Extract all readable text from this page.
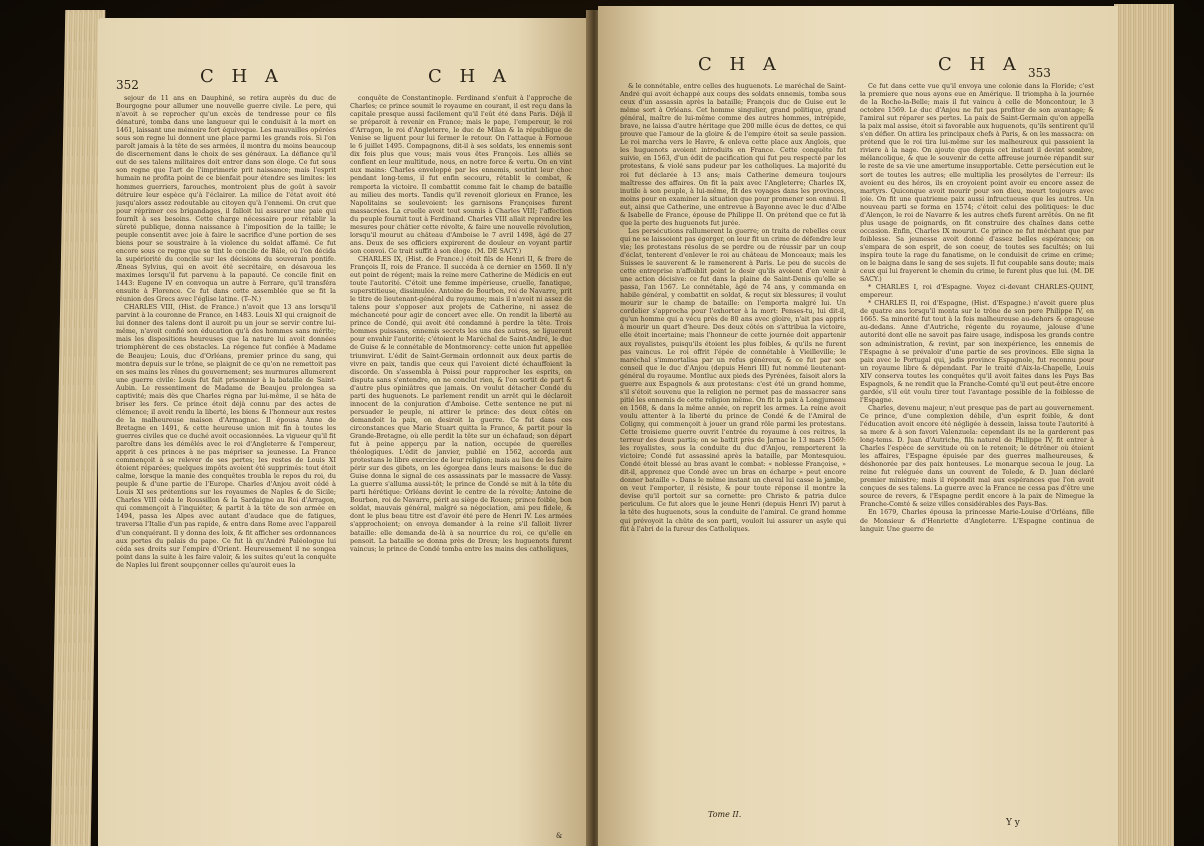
352	C H A	C H A

sejour de 11 ans en Dauphiné, se retira auprès du duc de Bourgogne pour allumer une nouvelle guerre civile. Le pere, qui n'avoit à se reprocher qu'un excès de tendresse pour ce fils dénaturé, tomba dans une langueur qui le conduisit à la mort en 1461, laissant une mémoire fort équivoque. Les mauvailles opérées sous son regne lui donnent une place parmi les grands rois. Si l'on paroît jamais à la tête de ses armées, il montra du moins beaucoup de discernement dans le choix de ses généraux. La défiance qu'il eut de ses talens militaires doit entrer dans son éloge. Ce fut sous son regne que l'art de l'imprimerie prit naissance; mais l'esprit humain ne profita point de ce bienfait pour étendre ses limites: les hommes guerriers, farouches, montroient plus de goût à savoir détruire leur espèce qu'à l'éclairer. La milice de l'état avoit été jusqu'alors assez redoutable au citoyen qu'à l'ennemi. On crut que pour réprimer ces brigandages, il falloit lui assurer une paie qui fournît à ses besoins. Cette charge nécessaire pour rétablir la sûreté publique, donna naissance à l'imposition de la taille; le peuple consentit avec joie à faire le sacrifice d'une portion de ses biens pour se soustraire à la violence du soldat affamé. Ce fut encore sous ce regne que se tint le concile de Bâle, où l'on décida la supériorité du concile sur les décisions du souverain pontife. Æneas Sylvius, qui en avoit été secrétaire, en désavoua les maximes lorsqu'il fut parvenu à la papauté. Ce concile finit en 1443: Eugene IV en convoqua un autre à Ferrare, qu'il transféra ensuite à Florence. Ce fut dans cette assemblée que se fit la réunion des Grecs avec l'église latine. (T--N.)

CHARLES VIII, (Hist. de France.) n'avoit que 13 ans lorsqu'il parvint à la couronne de France, en 1483. Louis XI qui craignoit de lui donner des talens dont il auroit pu un jour se servir contre lui-même, n'avoit confié son éducation qu'à des hommes sans mérite; mais les dispositions heureuses que la nature lui avoit données triomphèrent de ces obstacles. La régence fut confiée à Madame de Beaujeu; Louis, duc d'Orléans, premier prince du sang, qui montra depuis sur le trône, se plaignit de ce qu'on ne remettoit pas en ses mains les rênes du gouvernement; ses murmures allumerent une guerre civile: Louis fut fait prisonnier à la bataille de Saint-Aubin. Le ressentiment de Madame de Beaujeu prolongea sa captivité; mais dès que Charles régna par lui-même, il se hâta de briser les fers. Ce prince étoit déjà connu par des actes de clémence; il avoit rendu la liberté, les biens & l'honneur aux restes de la malheureuse maison d'Armagnac. Il épousa Anne de Bretagne en 1491, & cette heureuse union mit fin à toutes les guerres civiles que ce duché avoit occasionnées. La vigueur qu'il fit paroître dans les démêlés avec le roi d'Angleterre & l'empereur, apprit à ces princes à ne pas mépriser sa jeunesse. La France commençoit à se relever de ses pertes; les restes de Louis XI étoient réparées; quelques impôts avoient été supprimés: tout étoit calme, lorsque la manie des conquêtes troubla le repos du roi, du peuple & d'une partie de l'Europe. Charles d'Anjou avoit cédé à Louis XI ses prétentions sur les royaumes de Naples & de Sicile; Charles VIII céda le Roussillon & la Sardaigne au Roi d'Arragon, qui commençoit à l'inquiéter, & partit à la tête de son armée en 1494, passa les Alpes avec autant d'audace que de fatigues, traversa l'Italie d'un pas rapide, & entra dans Rome avec l'appareil d'un conquérant. Il y donna des loix, & fit afficher ses ordonnances aux portes du palais du pape. Ce fut là qu'André Paléologue lui céda ses droits sur l'empire d'Orient. Heureusement il ne songea point dans la suite à les faire valoir, & les suites qu'eut la conquête de Naples lui firent soupçonner celles qu'auroit eues la

conquête de Constantinople. Ferdinand s'enfuit à l'approche de Charles; ce prince soumit le royaume en courant, il est reçu dans la capitale presque aussi facilement qu'il l'eût été dans Paris. Déjà il se préparoit à revenir en France; mais le pape, l'empereur, le roi d'Arragon, le roi d'Angleterre, le duc de Milan & la république de Venise se liguent pour lui fermer le retour. On l'attaque à Fornoue le 6 juillet 1495. Compagnons, dit-il à ses soldats, les ennemis sont dix fois plus que vous; mais vous êtes François. Les alliés se confient en leur multitude, nous, en notre force & vertu. On en vint aux mains: Charles enveloppé par les ennemis, soutint leur choc pendant long-tems, il fut enfin secouru, rétablit le combat, & remporta la victoire. Il combattit comme fait le champ de bataille au milieu des morts. Tandis qu'il revenoit glorieux en France, les Napolitains se soulevoient: les garnisons Françoises furent massacrées. La cruelle avoit tout soumis à Charles VIII; l'affection du peuple fournit tout à Ferdinand. Charles VIII allait reprendre les mesures pour châtier cette révolte, & faire une nouvelle révolution, lorsqu'il mourut au château d'Amboise le 7 avril 1498, âgé de 27 ans. Deux de ses officiers expirerent de douleur en voyant partir son convoi. Ce trait suffit à son éloge. (M. DE SACY.)

CHARLES IX, (Hist. de France.) étoit fils de Henri II, & frere de François II, rois de France. Il succéda à ce dernier en 1560. Il n'y eut point de régent; mais la reine mere Catherine de Médicis en eut toute l'autorité. C'étoit une femme impérieuse, cruelle, fanatique, superstitieuse, dissimulée. Antoine de Bourbon, roi de Navarre, prit le titre de lieutenant-général du royaume; mais il n'avoit ni assez de talens pour s'opposer aux projets de Catherine, ni assez de méchanceté pour agir de concert avec elle. On rendit la liberté au prince de Condé, qui avoit été condamné à perdre la tête. Trois hommes puissans, ennemis secrets les uns des autres, se liguerent pour envahir l'autorité; c'étoient le Maréchal de Saint-André, le duc de Guise & le connétable de Montmorency: cette union fut appellée triumvirat. L'édit de Saint-Germain ordonnoit aux deux partis de vivre en paix, tandis que ceux qui l'avoient dicté échauffoient la discorde. On s'assembla à Poissi pour rapprocher les esprits, on disputa sans s'entendre, on ne conclut rien, & l'on sortit de part & d'autre plus opiniâtres que jamais. On voulut détacher Condé du parti des huguenots. Le parlement rendit un arrêt qui le déclaroit innocent de la conjuration d'Amboise. Cette sentence ne put ni persuader le peuple, ni attirer le prince: des deux côtés on demandoit la paix, on desiroit la guerre. Ce fut dans ces circonstances que Marie Stuart quitta la France, & partit pour la Grande-Bretagne, où elle perdit la tête sur un échafaud; son départ fut à peine apperçu par la nation, occupée de querelles théologiques. L'édit de janvier, publié en 1562, accorda aux protestans le libre exercice de leur religion; mais au lieu de les faire périr sur des gibets, on les égorgea dans leurs maisons: le duc de Guise donna le signal de ces assassinats par le massacre de Vassy. La guerre s'alluma aussi-tôt; le prince de Condé se mit à la tête du parti hérétique: Orléans devint le centre de la révolte; Antoine de Bourbon, roi de Navarre, périt au siège de Rouen; prince foible, bon soldat, mauvais général, malgré sa négociation, ami peu fidele, & dont le plus beau titre est d'avoir été pere de Henri IV. Les armées s'approchoient; on envoya demander à la reine s'il falloit livrer bataille: elle demanda de-là à sa nourrice du roi, ce qu'elle en pensoit. La bataille se donna près de Dreux; les huguenots furent vaincus; le prince de Condé tomba entre les mains des catholiques,

&
C H A	C H A 353

& le connétable, entre celles des huguenots. Le maréchal de Saint-André qui avoit échappé aux coups des soldats ennemis, tomba sous ceux d'un assassin après la bataille; François duc de Guise eut le même sort à Orléans. Cet homme singulier, grand politique, grand général, maître de lui-même comme des autres hommes, intrépide, brave, ne laissa d'autre héritage que 200 mille écus de dettes, ce qui prouve que l'amour de la gloire & de l'empire étoit sa seule passion. Le roi marcha vers le Havre, & enleva cette place aux Anglois, que les huguenots avoient introduits en France. Cette conquête fut suivie, en 1563, d'un édit de pacification qui fut peu respecté par les protestans, & violé sans pudeur par les catholiques. La majorité du roi fut déclarée à 13 ans; mais Catherine demeura toujours maîtresse des affaires. On fit la paix avec l'Angleterre; Charles IX, inutile à son peuple, à lui-même, fit des voyages dans les provinces, moins pour en examiner la situation que pour promener son ennui. Il eut, ainsi que Catherine, une entrevue à Bayonne avec le duc d'Albe & Isabelle de France, épouse de Philippe II. On prétend que ce fut là que la perte des huguenots fut jurée.

Les persécutions rallumerent la guerre; on traita de rebelles ceux qui ne se laissoient pas égorger, on leur fit un crime de défendre leur vie; les protestans résolus de se perdre ou de réussir par un coup d'éclat, tenterent d'enlever le roi au château de Monceaux; mais les Suisses le sauverent & le ramenerent à Paris. Le peu de succès de cette entreprise n'affoiblit point le desir qu'ils avoient d'en venir à une action décisive: ce fut dans la plaine de Saint-Denis qu'elle se passa, l'an 1567. Le connétable, âgé de 74 ans, y commanda en habile général, y combattit en soldat, & reçut six blessures; il voulut mourir sur le champ de bataille: on l'emporta malgré lui. Un cordelier s'approcha pour l'exhorter à la mort: Penses-tu, lui dit-il, qu'un homme qui a vécu près de 80 ans avec gloire, n'ait pas appris à mourir un quart d'heure. Des deux côtés on s'attribua la victoire, elle étoit incertaine; mais l'honneur de cette journée doit appartenir aux royalistes, puisqu'ils étoient les plus foibles, & qu'ils ne furent pas vaincus. Le roi offrit l'épée de connétable à Vieilleville; le maréchal s'immortalisa par un refus généreux, & ce fut par son conseil que le duc d'Anjou (depuis Henri III) fut nommé lieutenant-général du royaume. Montluc aux pieds des Pyrénées, faisoit alors la guerre aux Espagnols & aux protestans: c'est été un grand homme, s'il s'étoit souvenu que la religion ne permet pas de massacrer sans pitié les ennemis de cette religion même. On fit la paix à Longjumeau en 1568, & dans la même année, on reprit les armes. La reine avoit voulu attenter à la liberté du prince de Condé & de l'Amiral de Coligny, qui commençoit à jouer un grand rôle parmi les protestans. Cette troisieme guerre ouvrit l'entrée du royaume à ces reitres, la terreur des deux partis; on se battit près de Jarnac le 13 mars 1569: les royalistes, sous la conduite du duc d'Anjou, remporterent la victoire; Condé fut assassiné après la bataille, par Montesquiou. Condé étoit blessé au bras avant le combat: « noblesse Françoise, » dit-il, apprenez que Condé avec un bras en écharpe » peut encore donner bataille ». Dans le même instant un cheval lui casse la jambe, on veut l'emporter, il résiste, & pour toute réponse il montre la devise qu'il portoit sur sa cornette: pro Christo & patria dulce periculum. Ce fut alors que le jeune Henri (depuis Henri IV) parut à la tête des huguenots, sous la conduite de l'amiral. Ce grand homme qui prévoyoit la chûte de son parti, vouloit lui assurer un asyle qui fût à l'abri de la fureur des Catholiques.

Tome II.

Ce fut dans cette vue qu'il envoya une colonie dans la Floride; c'est la premiere que nous ayons eue en Amérique. Il triompha à la journée de la Roche-la-Belle; mais il fut vaincu à celle de Moncontour, le 3 octobre 1569. Le duc d'Anjou ne fut pas profiter de son avantage; & l'amiral sut réparer ses pertes. La paix de Saint-Germain qu'on appella la paix mal assise, étoit si favorable aux huguenots, qu'ils sentirent qu'il s'en défier. On attira les principaux chefs à Paris, & on les massacra: on prétend que le roi tira lui-même sur les malheureux qui passoient la riviere à la nage. On ajoute que depuis cet instant il devint sombre, mélancolique, & que le souvenir de cette affreuse journée répandit sur le reste de sa vie une amertume insupportable. Cette persécution eut le sort de toutes les autres; elle multiplia les prosélytes de l'erreur: ils avoient eu des héros, ils en croyoient point avoir eu encore assez de martyrs. Quiconque avoit mourir pour son dieu, meurt toujours avec joie. On fit une quatrieme paix aussi infructueuse que les autres. Un nouveau parti se forma en 1574; c'étoit celui des politiques: le duc d'Alençon, le roi de Navarre & les autres chefs furent arrêtés. On ne fit plus usage de poignards, on fit construire des chaînes dans cette occasion. Enfin, Charles IX mourut. Ce prince ne fut méchant que par foiblesse. Sa jeunesse avoit donné d'assez belles espérances; on s'empara de son esprit, de son coeur, de toutes ses facultés; on lui inspira toute la rage du fanatisme, on le conduisit de crime en crime; on le baigna dans le sang de ses sujets. Il fut coupable sans doute; mais ceux qui lui frayerent le chemin du crime, le furent plus que lui. (M. DE SACY.)

* CHARLES I, roi d'Espagne. Voyez ci-devant CHARLES-QUINT, empereur.

* CHARLES II, roi d'Espagne, (Hist. d'Espagne.) n'avoit guere plus de quatre ans lorsqu'il monta sur le trône de son pere Philippe IV, en 1665. Sa minorité fut tout à la fois malheureuse au-dehors & orageuse au-dedans. Anne d'Autriche, régente du royaume, jalouse d'une autorité dont elle ne savoit pas faire usage, indisposa les grands contre son administration, & revint, par son inexpérience, les ennemis de l'Espagne à se prévaloir d'une partie de ses provinces. Elle signa la paix avec le Portugal qui, jadis province Espagnole, fut reconnu pour un royaume libre & dépendant. Par le traité d'Aix-la-Chapelle, Louis XIV conserva toutes les conquêtes qu'il avoit faites dans les Pays Bas Espagnols, & ne rendit que la Franche-Comté qu'il eut peut-être encore gardée, s'il eût voulu tirer tout l'avantage possible de la foiblesse de l'Espagne.

Charles, devenu majeur, n'eut presque pas de part au gouvernement. Ce prince, d'une complexion débile, d'un esprit foible, & dont l'éducation avoit encore été négligée à dessein, laissa toute l'autorité à sa mere & à son favori Valenzuela: cependant ils ne la garderent pas long-tems. D. Juan d'Autriche, fils naturel de Philippe IV, fit entrer à Charles l'espèce de servitude où on le retenoit; le détrôner où étoient les affaires, l'Espagne épuisée par des guerres malheureuses, & déshonorée par des paix honteuses. Le monarque secoua le joug. La reine fut reléguée dans un couvent de Tolede, & D. Juan déclaré premier ministre; mais il répondit mal aux espérances que l'on avoit conçues de ses talens. La guerre avec la France ne cessa pas d'être une source de revers, & l'Espagne perdit encore à la paix de Nimegue la Franche-Comté & seize villes considérables des Pays-Bas.

En 1679, Charles épousa la princesse Marie-Louise d'Orléans, fille de Monsieur & d'Henriette d'Angleterre. L'Espagne continua de languir. Une guerre de

Y y
